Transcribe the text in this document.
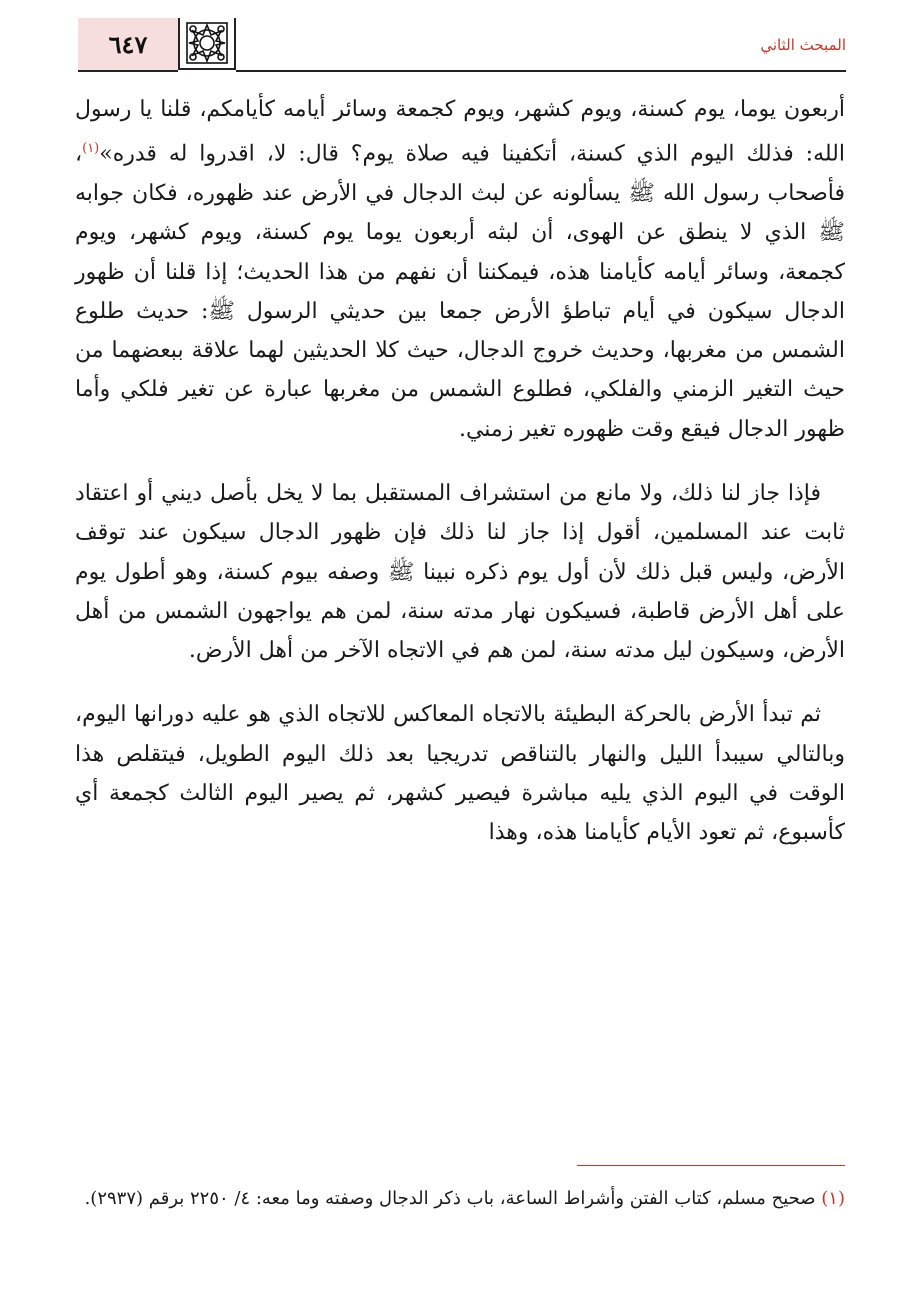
٦٤٧	المبحث الثاني

أربعون يوما، يوم كسنة، ويوم كشهر، ويوم كجمعة وسائر أيامه كأيامكم، قلنا يا رسول الله: فذلك اليوم الذي كسنة، أتكفينا فيه صلاة يوم؟ قال: لا، اقدروا له قدره»$^{(١)}$، فأصحاب رسول الله ﷺ يسألونه عن لبث الدجال في الأرض عند ظهوره، فكان جوابه ﷺ الذي لا ينطق عن الهوى، أن لبثه أربعون يوما يوم كسنة، ويوم كشهر، ويوم كجمعة، وسائر أيامه كأيامنا هذه، فيمكننا أن نفهم من هذا الحديث؛ إذا قلنا أن ظهور الدجال سيكون في أيام تباطؤ الأرض جمعا بين حديثي الرسول ﷺ: حديث طلوع الشمس من مغربها، وحديث خروج الدجال، حيث كلا الحديثين لهما علاقة ببعضهما من حيث التغير الزمني والفلكي، فطلوع الشمس من مغربها عبارة عن تغير فلكي وأما ظهور الدجال فيقع وقت ظهوره تغير زمني.

فإذا جاز لنا ذلك، ولا مانع من استشراف المستقبل بما لا يخل بأصل ديني أو اعتقاد ثابت عند المسلمين، أقول إذا جاز لنا ذلك فإن ظهور الدجال سيكون عند توقف الأرض، وليس قبل ذلك لأن أول يوم ذكره نبينا ﷺ وصفه بيوم كسنة، وهو أطول يوم على أهل الأرض قاطبة، فسيكون نهار مدته سنة، لمن هم يواجهون الشمس من أهل الأرض، وسيكون ليل مدته سنة، لمن هم في الاتجاه الآخر من أهل الأرض.

ثم تبدأ الأرض بالحركة البطيئة بالاتجاه المعاكس للاتجاه الذي هو عليه دورانها اليوم، وبالتالي سيبدأ الليل والنهار بالتناقص تدريجيا بعد ذلك اليوم الطويل، فيتقلص هذا الوقت في اليوم الذي يليه مباشرة فيصير كشهر، ثم يصير اليوم الثالث كجمعة أي كأسبوع، ثم تعود الأيام كأيامنا هذه، وهذا

(١) صحيح مسلم، كتاب الفتن وأشراط الساعة، باب ذكر الدجال وصفته وما معه: ٤/ ٢٢٥٠ برقم (٢٩٣٧).
